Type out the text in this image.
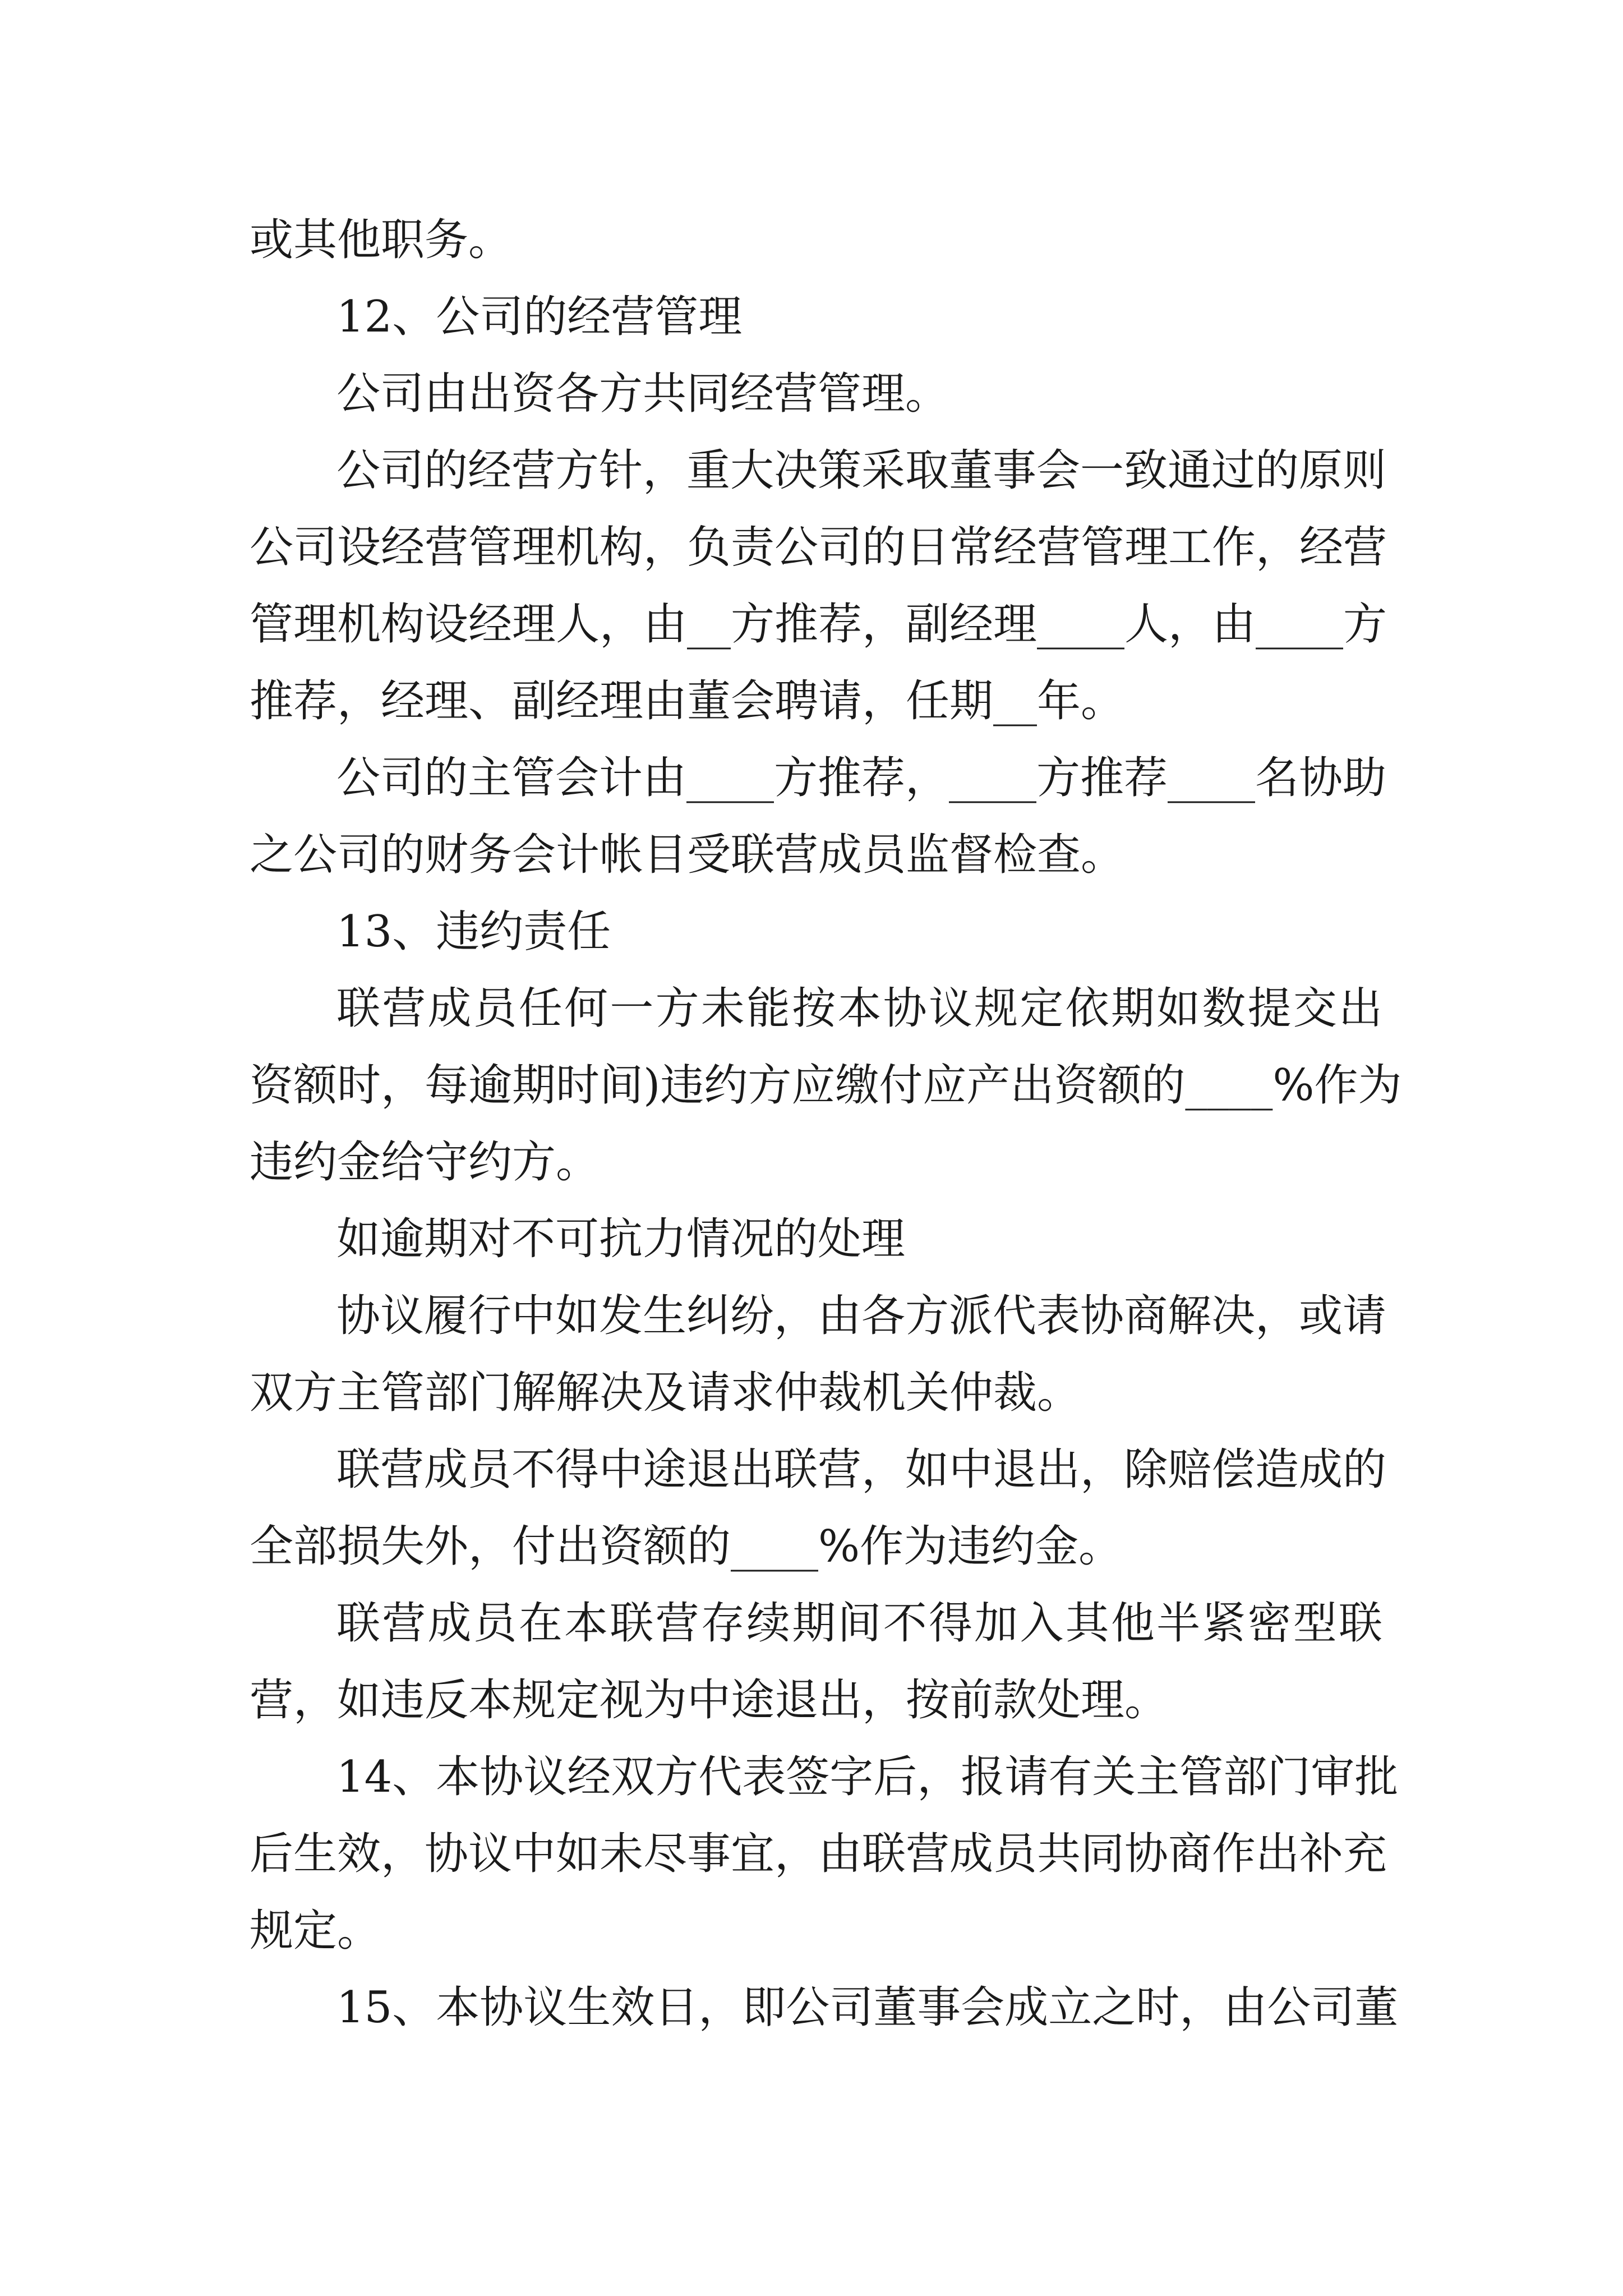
或其他职务。

12、公司的经营管理

公司由出资各方共同经营管理。

公司的经营方针，重大决策采取董事会一致通过的原则

公司设经营管理机构，负责公司的日常经营管理工作，经营

管理机构设经理人，由__方推荐，副经理____人，由____方

推荐，经理、副经理由董会聘请，任期__年。

公司的主管会计由____方推荐，____方推荐____名协助

之公司的财务会计帐目受联营成员监督检查。

13、违约责任

联营成员任何一方未能按本协议规定依期如数提交出

资额时，每逾期时间)违约方应缴付应产出资额的____%作为

违约金给守约方。

如逾期对不可抗力情况的处理

协议履行中如发生纠纷，由各方派代表协商解决，或请

双方主管部门解解决及请求仲裁机关仲裁。

联营成员不得中途退出联营，如中退出，除赔偿造成的

全部损失外，付出资额的____%作为违约金。

联营成员在本联营存续期间不得加入其他半紧密型联

营，如违反本规定视为中途退出，按前款处理。

14、本协议经双方代表签字后，报请有关主管部门审批

后生效，协议中如未尽事宜，由联营成员共同协商作出补充

规定。

15、本协议生效日，即公司董事会成立之时，由公司董
